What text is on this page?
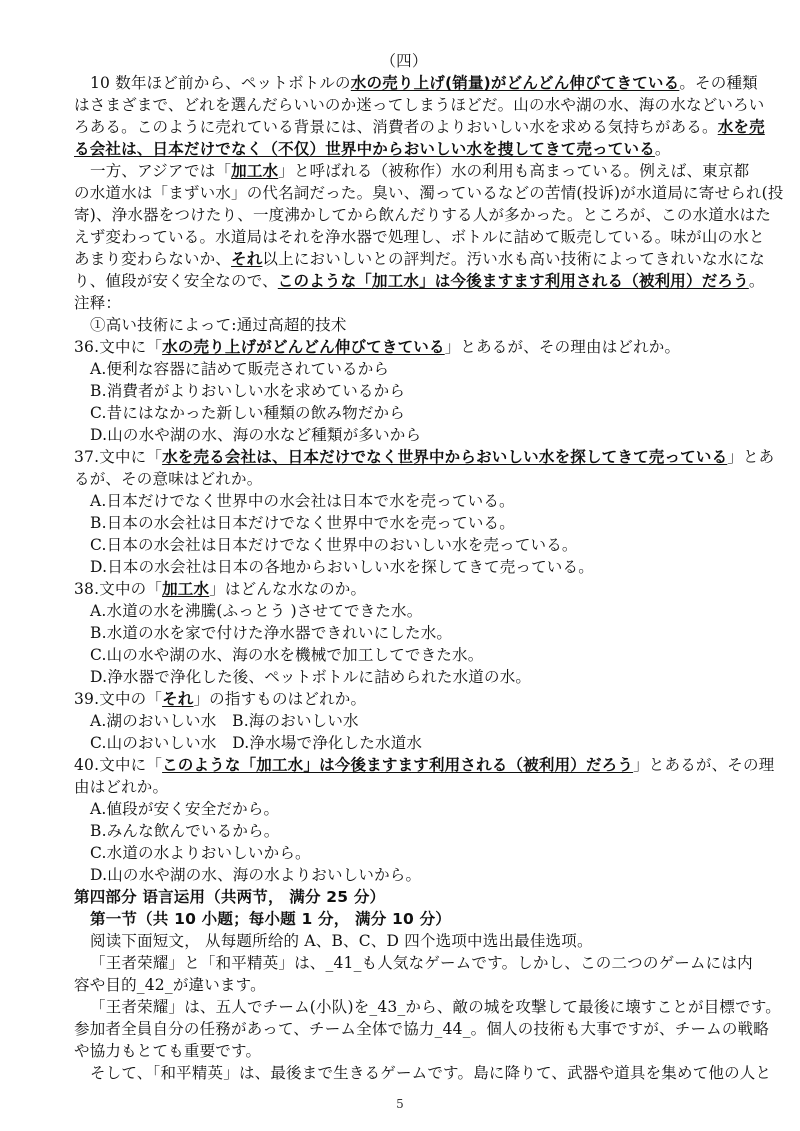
（四）
10 数年ほど前から、ペットボトルの水の売り上げ(销量)がどんどん伸びてきている。その種類
はさまざまで、どれを選んだらいいのか迷ってしまうほどだ。山の水や湖の水、海の水などいろい
ろある。このように売れている背景には、消費者のよりおいしい水を求める気持ちがある。水を売
る会社は、日本だけでなく（不仅）世界中からおいしい水を捜してきて売っている。
一方、アジアでは「加工水」と呼ばれる（被称作）水の利用も高まっている。例えば、東京都
の水道水は「まずい水」の代名詞だった。臭い、濁っているなどの苦情(投诉)が水道局に寄せられ(投
寄)、浄水器をつけたり、一度沸かしてから飲んだりする人が多かった。ところが、この水道水はた
えず変わっている。水道局はそれを浄水器で処理し、ボトルに詰めて販売している。味が山の水と
あまり変わらないか、それ以上においしいとの評判だ。汚い水も高い技術によってきれいな水にな
り、値段が安く安全なので、このような「加工水」は今後ますます利用される（被利用）だろう。
注释：
①高い技術によって:通过高超的技术
36.文中に「水の売り上げがどんどん伸びてきている」とあるが、その理由はどれか。
A.便利な容器に詰めて販売されているから
B.消費者がよりおいしい水を求めているから
C.昔にはなかった新しい種類の飲み物だから
D.山の水や湖の水、海の水など種類が多いから
37.文中に「水を売る会社は、日本だけでなく世界中からおいしい水を探してきて売っている」とあ
るが、その意味はどれか。
A.日本だけでなく世界中の水会社は日本で水を売っている。
B.日本の水会社は日本だけでなく世界中で水を売っている。
C.日本の水会社は日本だけでなく世界中のおいしい水を売っている。
D.日本の水会社は日本の各地からおいしい水を探してきて売っている。
38.文中の「加工水」はどんな水なのか。
A.水道の水を沸騰(ふっとう )させてできた水。
B.水道の水を家で付けた浄水器できれいにした水。
C.山の水や湖の水、海の水を機械で加工してできた水。
D.浄水器で浄化した後、ペットボトルに詰められた水道の水。
39.文中の「それ」の指すものはどれか。
A.湖のおいしい水　B.海のおいしい水
C.山のおいしい水　D.浄水場で浄化した水道水
40.文中に「このような「加工水」は今後ますます利用される（被利用）だろう」とあるが、その理
由はどれか。
A.値段が安く安全だから。
B.みんな飲んでいるから。
C.水道の水よりおいしいから。
D.山の水や湖の水、海の水よりおいしいから。
第四部分 语言运用（共两节， 满分 25 分）
第一节（共 10 小题；每小题 1 分， 满分 10 分）
阅读下面短文， 从每题所给的 A、B、C、D 四个选项中选出最佳选项。
「王者荣耀」と「和平精英」は、_41_も人気なゲームです。しかし、この二つのゲームには内
容や目的_42_が違います。
「王者荣耀」は、五人でチーム(小队)を_43_から、敵の城を攻撃して最後に壊すことが目標です。
参加者全員自分の任務があって、チーム全体で協力_44_。個人の技術も大事ですが、チームの戦略
や協力もとても重要です。
そして、「和平精英」は、最後まで生きるゲームです。島に降りて、武器や道具を集めて他の人と
5
